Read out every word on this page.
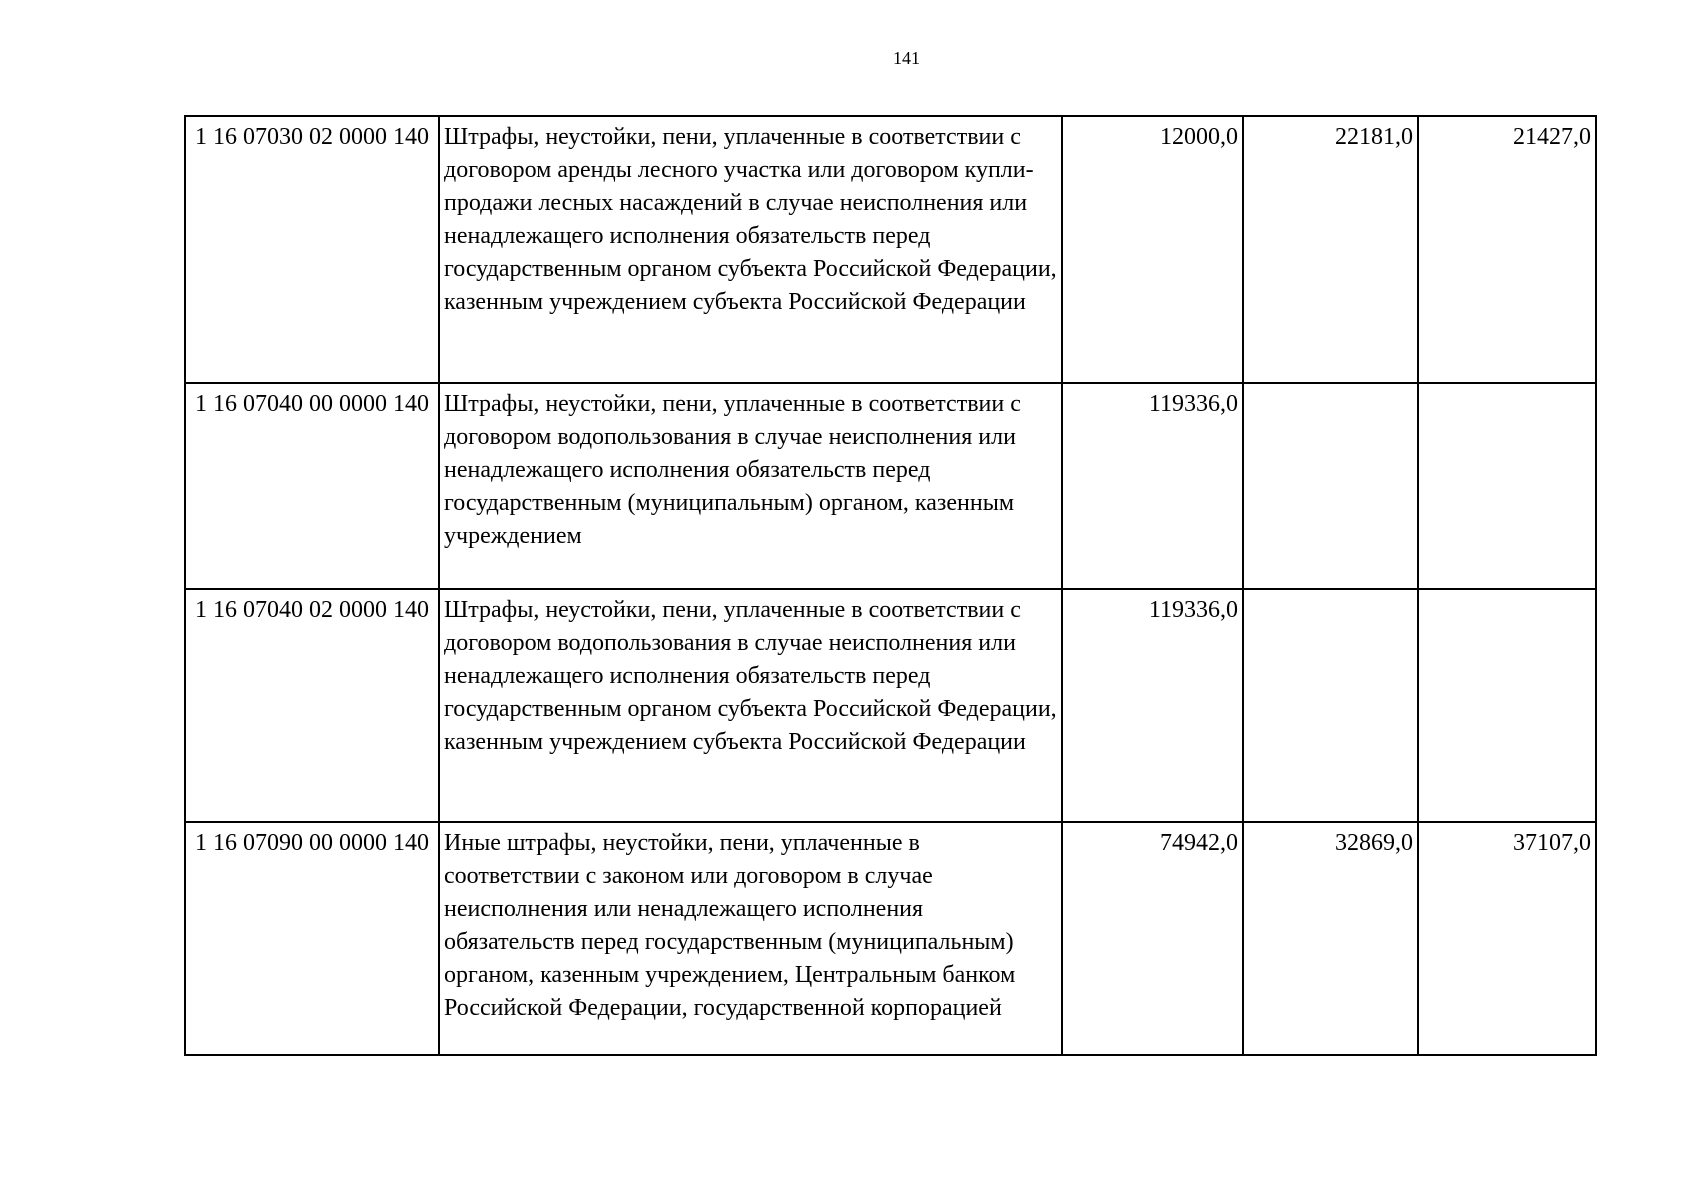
141
1 16 07030 02 0000 140	Штрафы, неустойки, пени, уплаченные в соответствии с договором аренды лесного участка или договором купли-продажи лесных насаждений в случае неисполнения или ненадлежащего исполнения обязательств перед государственным органом субъекта Российской Федерации, казенным учреждением субъекта Российской Федерации	12000,0	22181,0	21427,0
1 16 07040 00 0000 140	Штрафы, неустойки, пени, уплаченные в соответствии с договором водопользования в случае неисполнения или ненадлежащего исполнения обязательств перед государственным (муниципальным) органом, казенным учреждением	119336,0		
1 16 07040 02 0000 140	Штрафы, неустойки, пени, уплаченные в соответствии с договором водопользования в случае неисполнения или ненадлежащего исполнения обязательств перед государственным органом субъекта Российской Федерации, казенным учреждением субъекта Российской Федерации	119336,0		
1 16 07090 00 0000 140	Иные штрафы, неустойки, пени, уплаченные в соответствии с законом или договором в случае неисполнения или ненадлежащего исполнения обязательств перед государственным (муниципальным) органом, казенным учреждением, Центральным банком Российской Федерации, государственной корпорацией	74942,0	32869,0	37107,0
